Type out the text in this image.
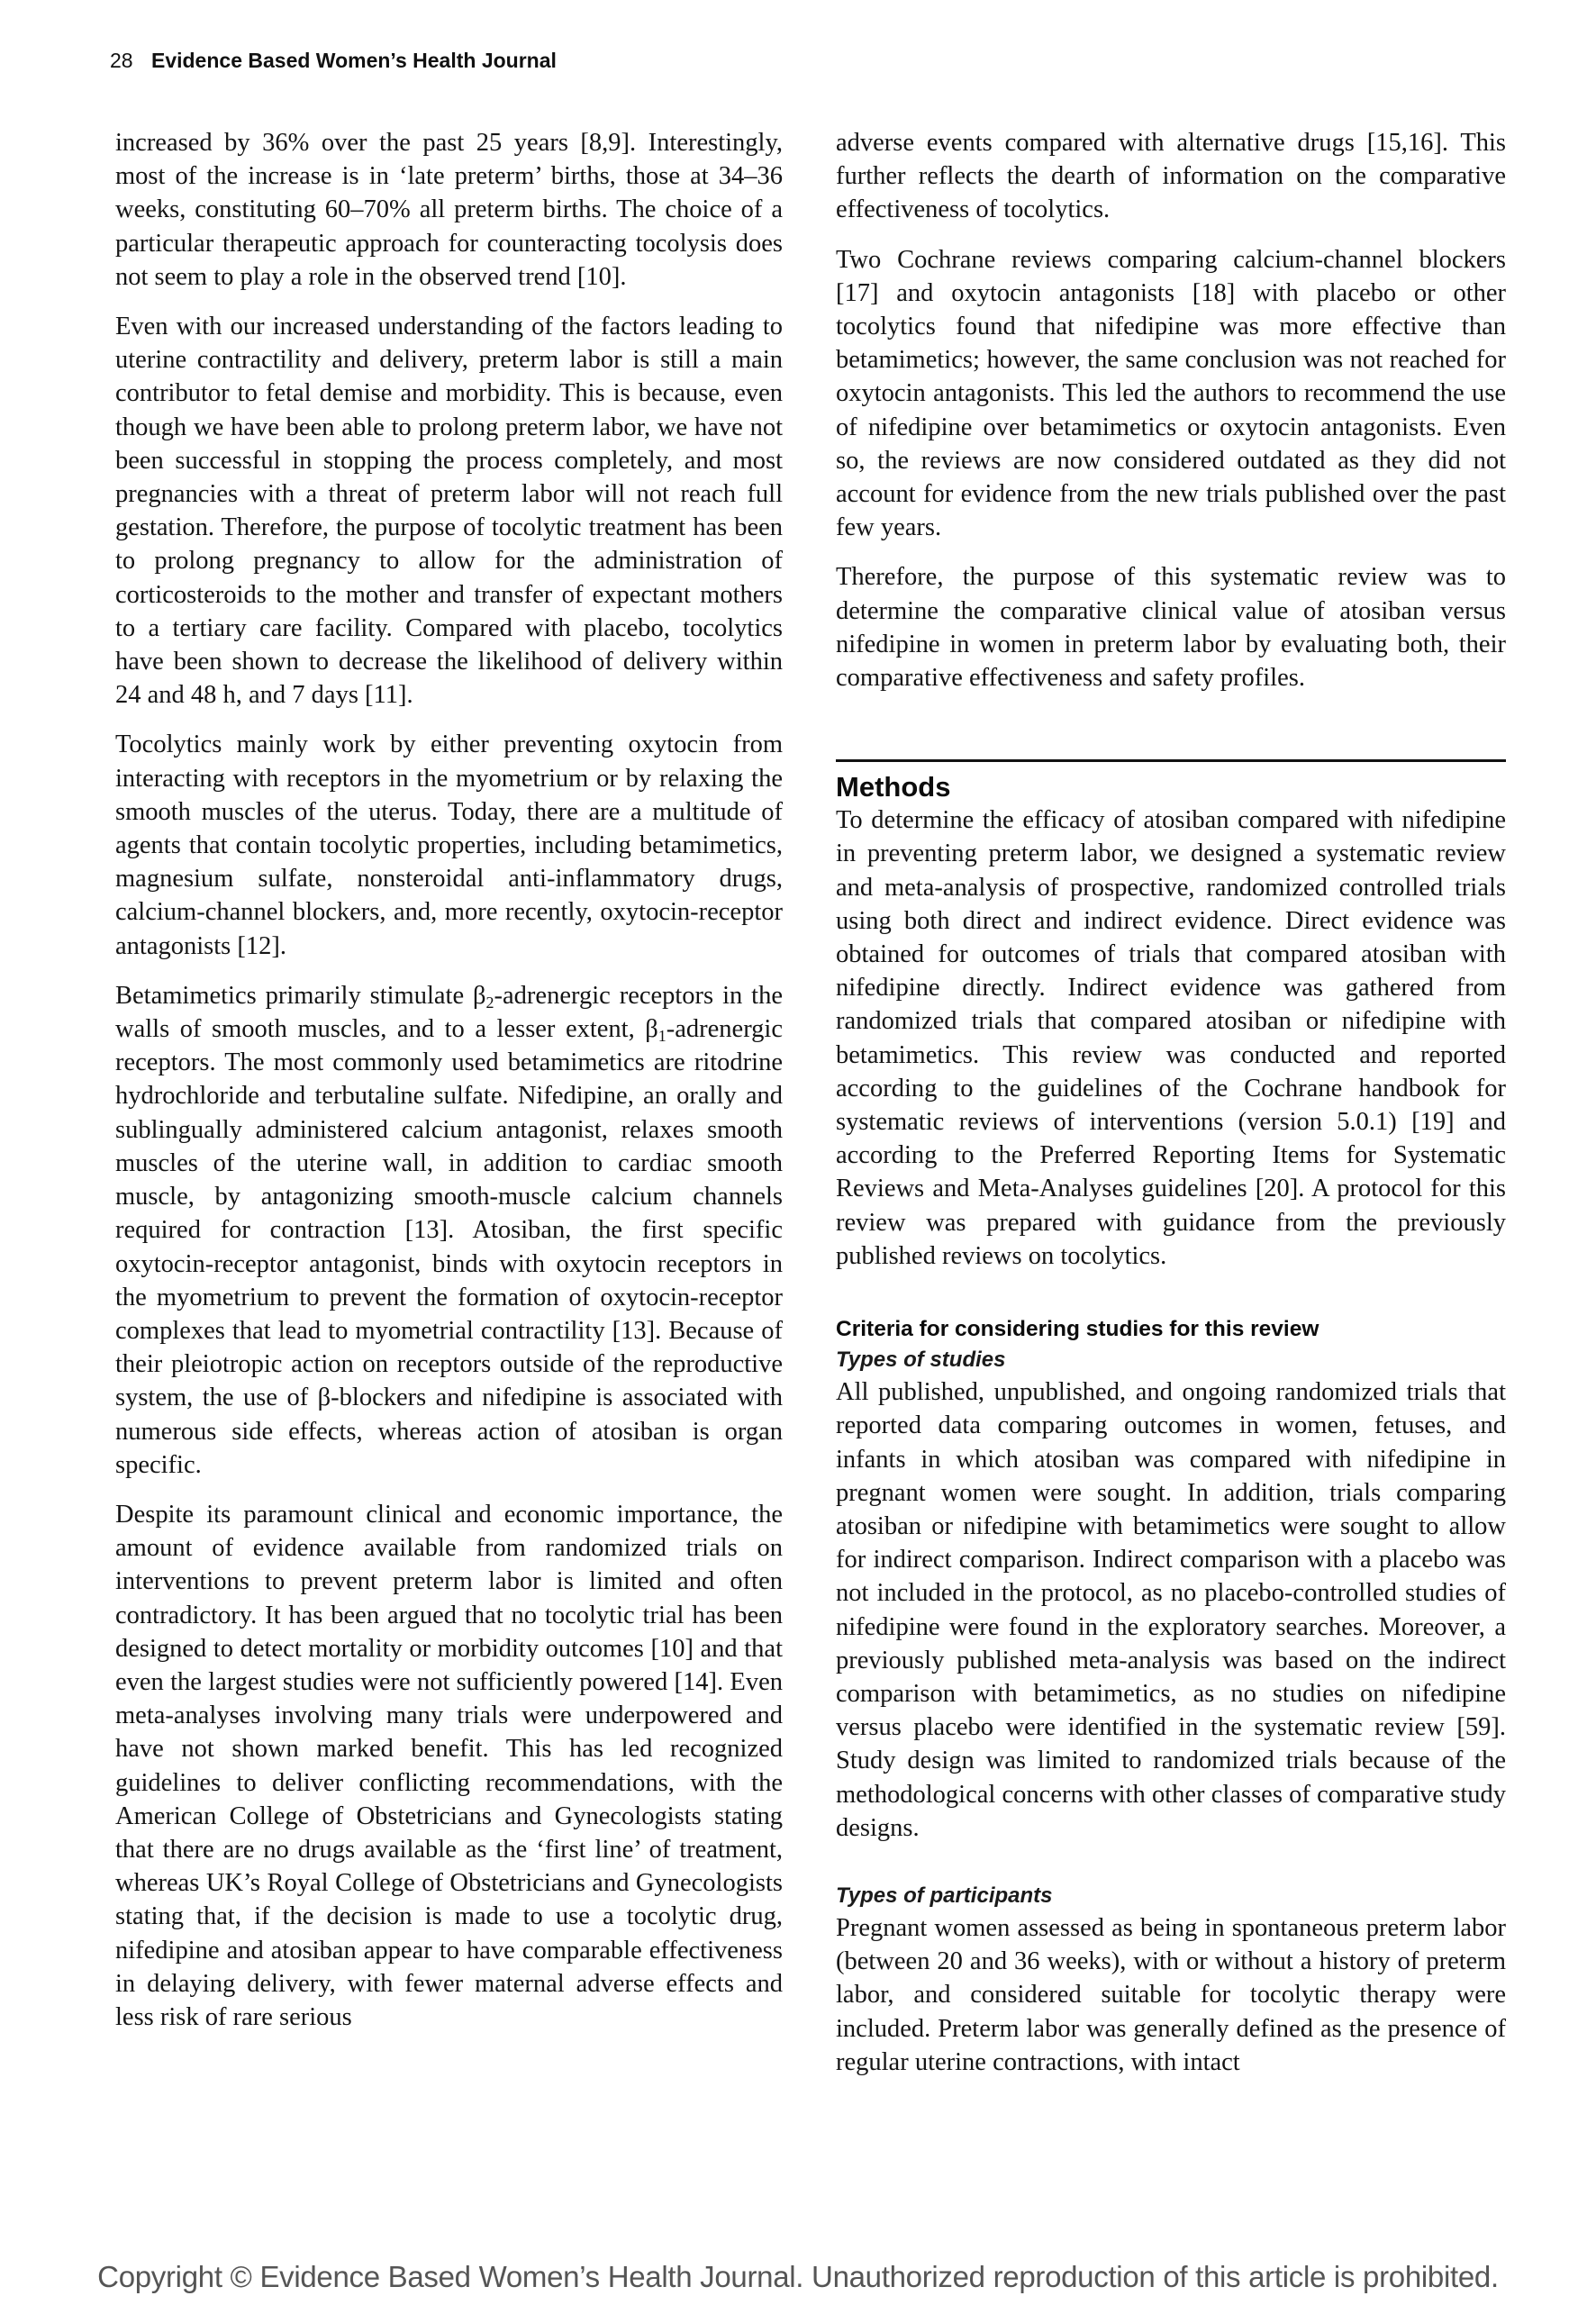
28 Evidence Based Women’s Health Journal

increased by 36% over the past 25 years [8,9]. Interestingly, most of the increase is in ‘late preterm’ births, those at 34–36 weeks, constituting 60–70% all preterm births. The choice of a particular therapeutic approach for counteracting tocolysis does not seem to play a role in the observed trend [10].

Even with our increased understanding of the factors leading to uterine contractility and delivery, preterm labor is still a main contributor to fetal demise and morbidity. This is because, even though we have been able to prolong preterm labor, we have not been successful in stopping the process completely, and most pregnancies with a threat of preterm labor will not reach full gestation. Therefore, the purpose of tocolytic treatment has been to prolong pregnancy to allow for the administration of corticosteroids to the mother and transfer of expectant mothers to a tertiary care facility. Compared with placebo, tocolytics have been shown to decrease the likelihood of delivery within 24 and 48 h, and 7 days [11].

Tocolytics mainly work by either preventing oxytocin from interacting with receptors in the myometrium or by relaxing the smooth muscles of the uterus. Today, there are a multitude of agents that contain tocolytic properties, including betamimetics, magnesium sulfate, nonsteroidal anti-inflammatory drugs, calcium-channel blockers, and, more recently, oxytocin-receptor antagonists [12].

Betamimetics primarily stimulate $\beta_2$-adrenergic receptors in the walls of smooth muscles, and to a lesser extent, $\beta_1$-adrenergic receptors. The most commonly used betamimetics are ritodrine hydrochloride and terbutaline sulfate. Nifedipine, an orally and sublingually administered calcium antagonist, relaxes smooth muscles of the uterine wall, in addition to cardiac smooth muscle, by antagonizing smooth-muscle calcium channels required for contraction [13]. Atosiban, the first specific oxytocin-receptor antagonist, binds with oxytocin receptors in the myometrium to prevent the formation of oxytocin-receptor complexes that lead to myometrial contractility [13]. Because of their pleiotropic action on receptors outside of the reproductive system, the use of β-blockers and nifedipine is associated with numerous side effects, whereas action of atosiban is organ specific.

Despite its paramount clinical and economic importance, the amount of evidence available from randomized trials on interventions to prevent preterm labor is limited and often contradictory. It has been argued that no tocolytic trial has been designed to detect mortality or morbidity outcomes [10] and that even the largest studies were not sufficiently powered [14]. Even meta-analyses involving many trials were underpowered and have not shown marked benefit. This has led recognized guidelines to deliver conflicting recommendations, with the American College of Obstetricians and Gynecologists stating that there are no drugs available as the ‘first line’ of treatment, whereas UK’s Royal College of Obstetricians and Gynecologists stating that, if the decision is made to use a tocolytic drug, nifedipine and atosiban appear to have comparable effectiveness in delaying delivery, with fewer maternal adverse effects and less risk of rare serious

adverse events compared with alternative drugs [15,16]. This further reflects the dearth of information on the comparative effectiveness of tocolytics.

Two Cochrane reviews comparing calcium-channel blockers [17] and oxytocin antagonists [18] with placebo or other tocolytics found that nifedipine was more effective than betamimetics; however, the same conclusion was not reached for oxytocin antagonists. This led the authors to recommend the use of nifedipine over betamimetics or oxytocin antagonists. Even so, the reviews are now considered outdated as they did not account for evidence from the new trials published over the past few years.

Therefore, the purpose of this systematic review was to determine the comparative clinical value of atosiban versus nifedipine in women in preterm labor by evaluating both, their comparative effectiveness and safety profiles.

Methods

To determine the efficacy of atosiban compared with nifedipine in preventing preterm labor, we designed a systematic review and meta-analysis of prospective, randomized controlled trials using both direct and indirect evidence. Direct evidence was obtained for outcomes of trials that compared atosiban with nifedipine directly. Indirect evidence was gathered from randomized trials that compared atosiban or nifedipine with betamimetics. This review was conducted and reported according to the guidelines of the Cochrane handbook for systematic reviews of interventions (version 5.0.1) [19] and according to the Preferred Reporting Items for Systematic Reviews and Meta-Analyses guidelines [20]. A protocol for this review was prepared with guidance from the previously published reviews on tocolytics.

Criteria for considering studies for this review
Types of studies

All published, unpublished, and ongoing randomized trials that reported data comparing outcomes in women, fetuses, and infants in which atosiban was compared with nifedipine in pregnant women were sought. In addition, trials comparing atosiban or nifedipine with betamimetics were sought to allow for indirect comparison. Indirect comparison with a placebo was not included in the protocol, as no placebo-controlled studies of nifedipine were found in the exploratory searches. Moreover, a previously published meta-analysis was based on the indirect comparison with betamimetics, as no studies on nifedipine versus placebo were identified in the systematic review [59]. Study design was limited to randomized trials because of the methodological concerns with other classes of comparative study designs.

Types of participants

Pregnant women assessed as being in spontaneous preterm labor (between 20 and 36 weeks), with or without a history of preterm labor, and considered suitable for tocolytic therapy were included. Preterm labor was generally defined as the presence of regular uterine contractions, with intact

Copyright © Evidence Based Women’s Health Journal. Unauthorized reproduction of this article is prohibited.
